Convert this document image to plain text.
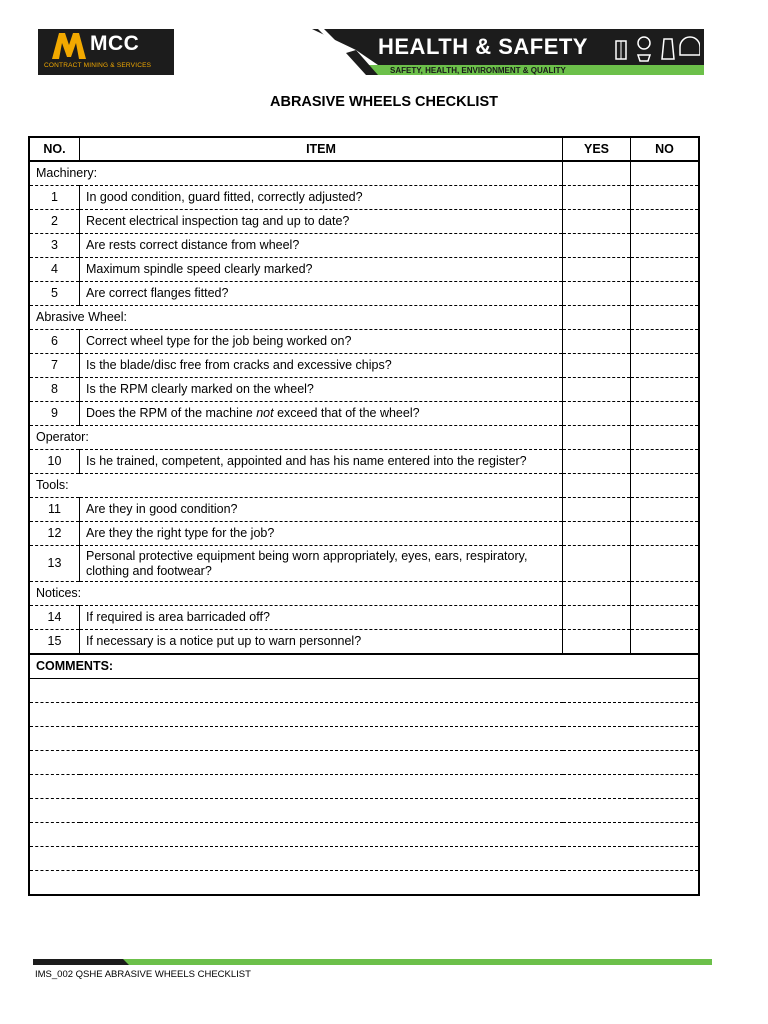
MCC
CONTRACT MINING & SERVICES
HEALTH & SAFETY
SAFETY, HEALTH, ENVIRONMENT & QUALITY
ABRASIVE WHEELS CHECKLIST
NO.	ITEM	YES	NO
Machinery:			
1	In good condition, guard fitted, correctly adjusted?		
2	Recent electrical inspection tag and up to date?		
3	Are rests correct distance from wheel?		
4	Maximum spindle speed clearly marked?		
5	Are correct flanges fitted?		
Abrasive Wheel:			
6	Correct wheel type for the job being worked on?		
7	Is the blade/disc free from cracks and excessive chips?		
8	Is the RPM clearly marked on the wheel?		
9	Does the RPM of the machine not exceed that of the wheel?		
Operator:			
10	Is he trained, competent, appointed and has his name entered into the register?		
Tools:			
11	Are they in good condition?		
12	Are they the right type for the job?		
13	Personal protective equipment being worn appropriately, eyes, ears, respiratory, clothing and footwear?		
Notices:			
14	If required is area barricaded off?		
15	If necessary is a notice put up to warn personnel?		
COMMENTS:			

IMS_002 QSHE ABRASIVE WHEELS CHECKLIST
